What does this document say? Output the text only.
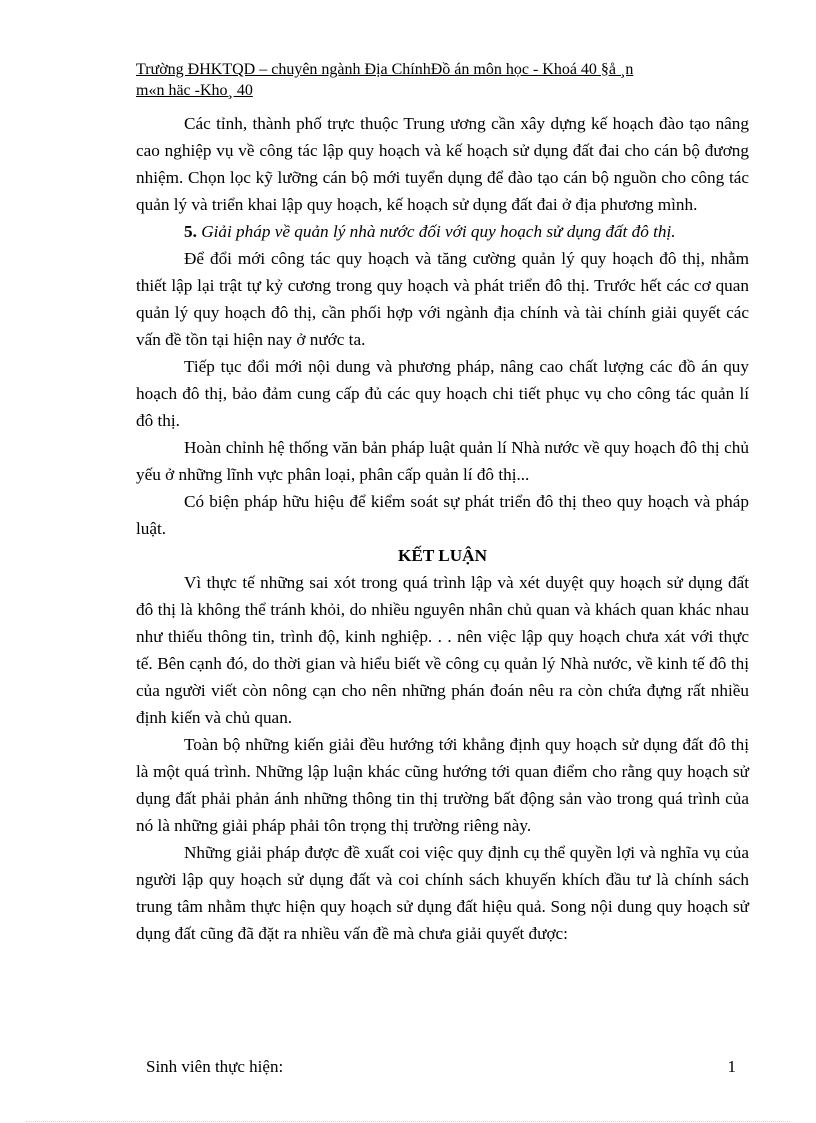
Trường ĐHKTQD – chuyên ngành Địa ChínhĐồ án môn học - Khoá 40 §å ¸n
m«n häc -Kho¸ 40

Các tỉnh, thành phố trực thuộc Trung ương cần xây dựng kế hoạch đào tạo nâng cao nghiệp vụ về công tác lập quy hoạch và kế hoạch sử dụng đất đai cho cán bộ đương nhiệm. Chọn lọc kỹ lưỡng cán bộ mới tuyển dụng để đào tạo cán bộ nguồn cho công tác quản lý và triển khai lập quy hoạch, kế hoạch sử dụng đất đai ở địa phương mình.

5. Giải pháp về quản lý nhà nước đối với quy hoạch sử dụng đất đô thị.

Để đổi mới công tác quy hoạch và tăng cường quản lý quy hoạch đô thị, nhằm thiết lập lại trật tự kỷ cương trong quy hoạch và phát triển đô thị. Trước hết các cơ quan quản lý quy hoạch đô thị, cần phối hợp với ngành địa chính và tài chính giải quyết các vấn đề tồn tại hiện nay ở nước ta.

Tiếp tục đổi mới nội dung và phương pháp, nâng cao chất lượng các đồ án quy hoạch đô thị, bảo đảm cung cấp đủ các quy hoạch chi tiết phục vụ cho công tác quản lí đô thị.

Hoàn chỉnh hệ thống văn bản pháp luật quản lí Nhà nước về quy hoạch đô thị chủ yếu ở những lĩnh vực phân loại, phân cấp quản lí đô thị...

Có biện pháp hữu hiệu để kiểm soát sự phát triển đô thị theo quy hoạch và pháp luật.

KẾT LUẬN

Vì thực tế những sai xót trong quá trình lập và xét duyệt quy hoạch sử dụng đất đô thị là không thể tránh khỏi, do nhiều nguyên nhân chủ quan và khách quan khác nhau như thiếu thông tin, trình độ, kinh nghiệp. . . nên việc lập quy hoạch chưa xát với thực tế. Bên cạnh đó, do thời gian và hiểu biết về công cụ quản lý Nhà nước, về kinh tế đô thị của người viết còn nông cạn cho nên những phán đoán nêu ra còn chứa đựng rất nhiều định kiến và chủ quan.

Toàn bộ những kiến giải đều hướng tới khẳng định quy hoạch sử dụng đất đô thị là một quá trình. Những lập luận khác cũng hướng tới quan điểm cho rằng quy hoạch sử dụng đất phải phản ánh những thông tin thị trường bất động sản vào trong quá trình của nó là những giải pháp phải tôn trọng thị trường riêng này.

Những giải pháp được đề xuất coi việc quy định cụ thể quyền lợi và nghĩa vụ của người lập quy hoạch sử dụng đất và coi chính sách khuyến khích đầu tư là chính sách trung tâm nhằm thực hiện quy hoạch sử dụng đất hiệu quả. Song nội dung quy hoạch sử dụng đất cũng đã đặt ra nhiều vấn đề mà chưa giải quyết được:

Sinh viên thực hiện:	1
